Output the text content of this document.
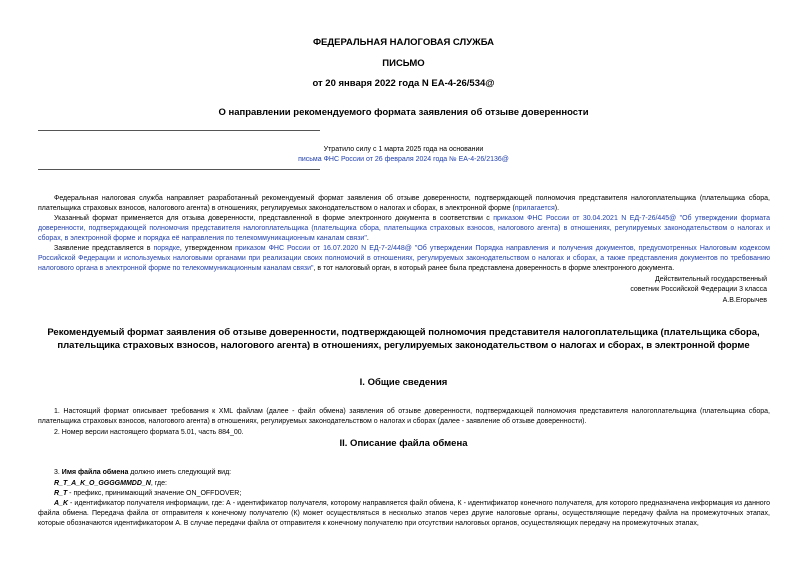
ФЕДЕРАЛЬНАЯ НАЛОГОВАЯ СЛУЖБА
ПИСЬМО
от 20 января 2022 года N ЕА-4-26/534@
О направлении рекомендуемого формата заявления об отзыве доверенности
Утратило силу с 1 марта 2025 года на основании
письма ФНС России от 26 февраля 2024 года № ЕА-4-26/2136@
Федеральная налоговая служба направляет разработанный рекомендуемый формат заявления об отзыве доверенности, подтверждающей полномочия представителя налогоплательщика (плательщика сбора, плательщика страховых взносов, налогового агента) в отношениях, регулируемых законодательством о налогах и сборах, в электронной форме (прилагается).
Указанный формат применяется для отзыва доверенности, представленной в форме электронного документа в соответствии с приказом ФНС России от 30.04.2021 N ЕД-7-26/445@ "Об утверждении формата доверенности, подтверждающей полномочия представителя налогоплательщика (плательщика сбора, плательщика страховых взносов, налогового агента) в отношениях, регулируемых законодательством о налогах и сборах, в электронной форме и порядка её направления по телекоммуникационным каналам связи".
Заявление представляется в порядке, утвержденном приказом ФНС России от 16.07.2020 N ЕД-7-2/448@ "Об утверждении Порядка направления и получения документов, предусмотренных Налоговым кодексом Российской Федерации и используемых налоговыми органами при реализации своих полномочий в отношениях, регулируемых законодательством о налогах и сборах, а также представления документов по требованию налогового органа в электронной форме по телекоммуникационным каналам связи", в тот налоговый орган, в который ранее была представлена доверенность в форме электронного документа.
Действительный государственный
советник Российской Федерации 3 класса
А.В.Егорычев
Рекомендуемый формат заявления об отзыве доверенности, подтверждающей полномочия представителя налогоплательщика (плательщика сбора, плательщика страховых взносов, налогового агента) в отношениях, регулируемых законодательством о налогах и сборах, в электронной форме
I. Общие сведения
1. Настоящий формат описывает требования к XML файлам (далее - файл обмена) заявления об отзыве доверенности, подтверждающей полномочия представителя налогоплательщика (плательщика сбора, плательщика страховых взносов, налогового агента) в отношениях, регулируемых законодательством о налогах и сборах (далее - заявление об отзыве доверенности).
2. Номер версии настоящего формата 5.01, часть 884_00.
II. Описание файла обмена
3. Имя файла обмена должно иметь следующий вид:
R_T_A_K_O_GGGGMMDD_N, где:
R_T - префикс, принимающий значение ON_OFFDOVER;
A_K - идентификатор получателя информации, где: А - идентификатор получателя, которому направляется файл обмена, К - идентификатор конечного получателя, для которого предназначена информация из данного файла обмена. Передача файла от отправителя к конечному получателю (К) может осуществляться в несколько этапов через другие налоговые органы, осуществляющие передачу файла на промежуточных этапах, которые обозначаются идентификатором А. В случае передачи файла от отправителя к конечному получателю при отсутствии налоговых органов, осуществляющих передачу на промежуточных этапах,
